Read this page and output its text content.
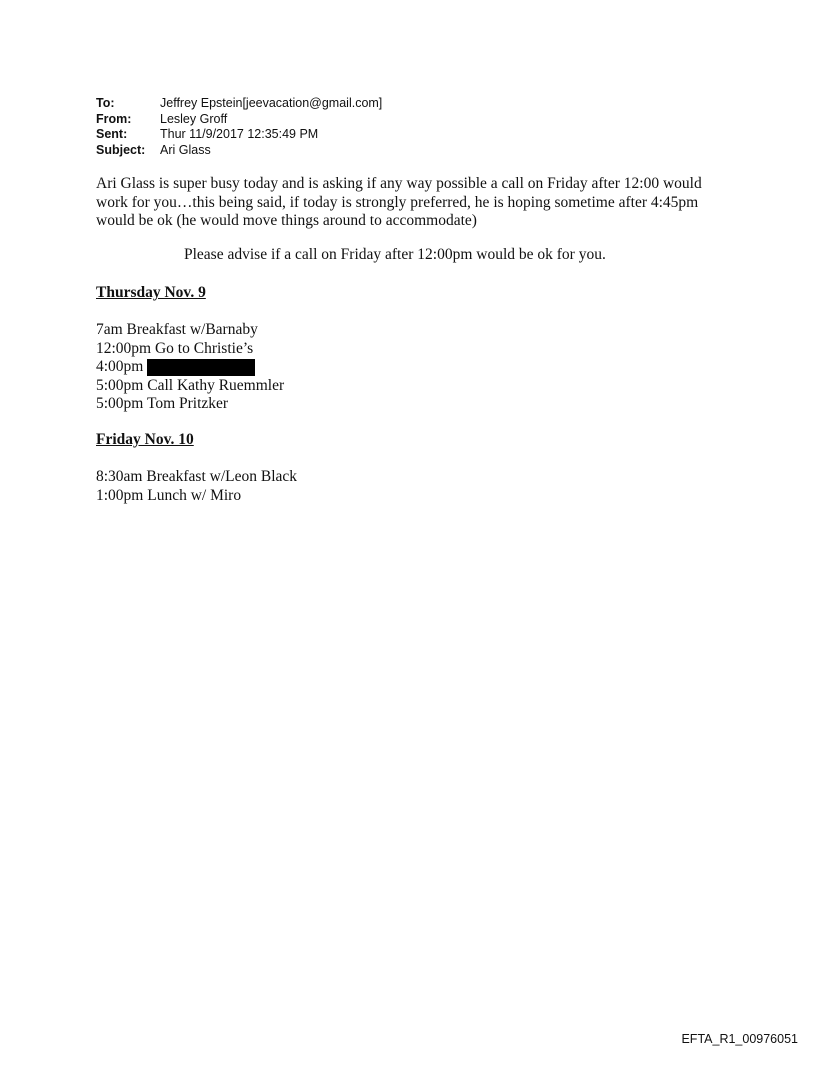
To:	Jeffrey Epstein[jeevacation@gmail.com]
From:	Lesley Groff
Sent:	Thur 11/9/2017 12:35:49 PM
Subject:	Ari Glass
Ari Glass is super busy today and is asking if any way possible a call on Friday after 12:00 would work for you…this being said, if today is strongly preferred, he is hoping sometime after 4:45pm would be ok (he would move things around to accommodate)
Please advise if a call on Friday after 12:00pm would be ok for you.
Thursday Nov. 9
7am Breakfast w/Barnaby
12:00pm Go to Christie’s
4:00pm
5:00pm Call Kathy Ruemmler
5:00pm Tom Pritzker
Friday Nov. 10
8:30am Breakfast w/Leon Black
1:00pm Lunch w/ Miro
EFTA_R1_00976051
